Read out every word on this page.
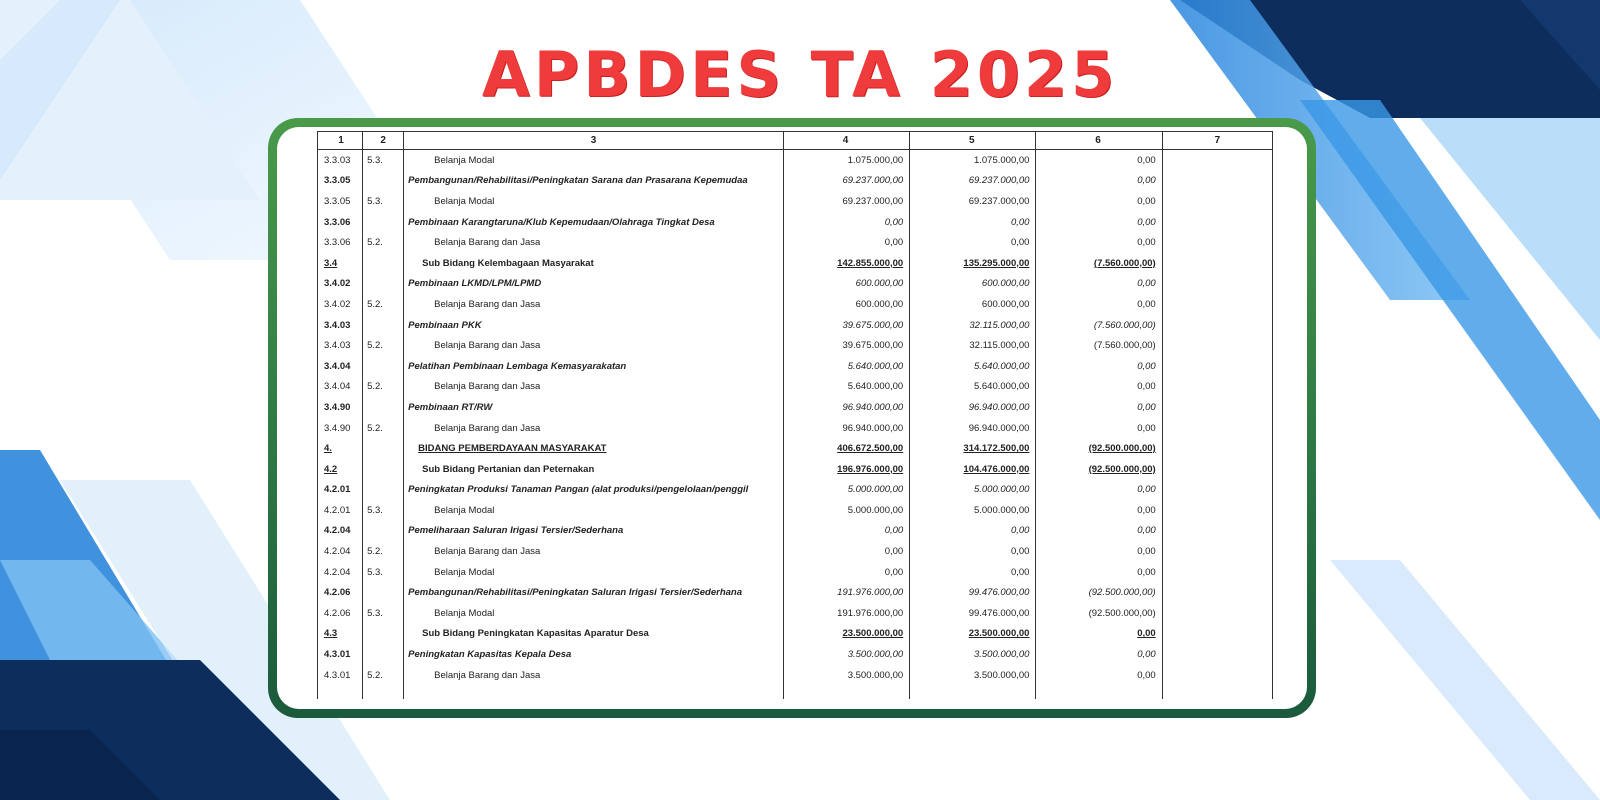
APBDES TA 2025
1	2	3	4	5	6	7
3.3.03	5.3.	Belanja Modal	1.075.000,00	1.075.000,00	0,00	
3.3.05		Pembangunan/Rehabilitasi/Peningkatan Sarana dan Prasarana Kepemudaa	69.237.000,00	69.237.000,00	0,00	
3.3.05	5.3.	Belanja Modal	69.237.000,00	69.237.000,00	0,00	
3.3.06		Pembinaan Karangtaruna/Klub Kepemudaan/Olahraga Tingkat Desa	0,00	0,00	0,00	
3.3.06	5.2.	Belanja Barang dan Jasa	0,00	0,00	0,00	
3.4		Sub Bidang Kelembagaan Masyarakat	142.855.000,00	135.295.000,00	(7.560.000,00)	
3.4.02		Pembinaan LKMD/LPM/LPMD	600.000,00	600.000,00	0,00	
3.4.02	5.2.	Belanja Barang dan Jasa	600.000,00	600.000,00	0,00	
3.4.03		Pembinaan PKK	39.675.000,00	32.115.000,00	(7.560.000,00)	
3.4.03	5.2.	Belanja Barang dan Jasa	39.675.000,00	32.115.000,00	(7.560.000,00)	
3.4.04		Pelatihan Pembinaan Lembaga Kemasyarakatan	5.640.000,00	5.640.000,00	0,00	
3.4.04	5.2.	Belanja Barang dan Jasa	5.640.000,00	5.640.000,00	0,00	
3.4.90		Pembinaan RT/RW	96.940.000,00	96.940.000,00	0,00	
3.4.90	5.2.	Belanja Barang dan Jasa	96.940.000,00	96.940.000,00	0,00	
4.		BIDANG PEMBERDAYAAN MASYARAKAT	406.672.500,00	314.172.500,00	(92.500.000,00)	
4.2		Sub Bidang Pertanian dan Peternakan	196.976.000,00	104.476.000,00	(92.500.000,00)	
4.2.01		Peningkatan Produksi Tanaman Pangan (alat produksi/pengelolaan/penggil	5.000.000,00	5.000.000,00	0,00	
4.2.01	5.3.	Belanja Modal	5.000.000,00	5.000.000,00	0,00	
4.2.04		Pemeliharaan Saluran Irigasi Tersier/Sederhana	0,00	0,00	0,00	
4.2.04	5.2.	Belanja Barang dan Jasa	0,00	0,00	0,00	
4.2.04	5.3.	Belanja Modal	0,00	0,00	0,00	
4.2.06		Pembangunan/Rehabilitasi/Peningkatan Saluran Irigasi Tersier/Sederhana	191.976.000,00	99.476.000,00	(92.500.000,00)	
4.2.06	5.3.	Belanja Modal	191.976.000,00	99.476.000,00	(92.500.000,00)	
4.3		Sub Bidang Peningkatan Kapasitas Aparatur Desa	23.500.000,00	23.500.000,00	0,00	
4.3.01		Peningkatan Kapasitas Kepala Desa	3.500.000,00	3.500.000,00	0,00	
4.3.01	5.2.	Belanja Barang dan Jasa	3.500.000,00	3.500.000,00	0,00	
